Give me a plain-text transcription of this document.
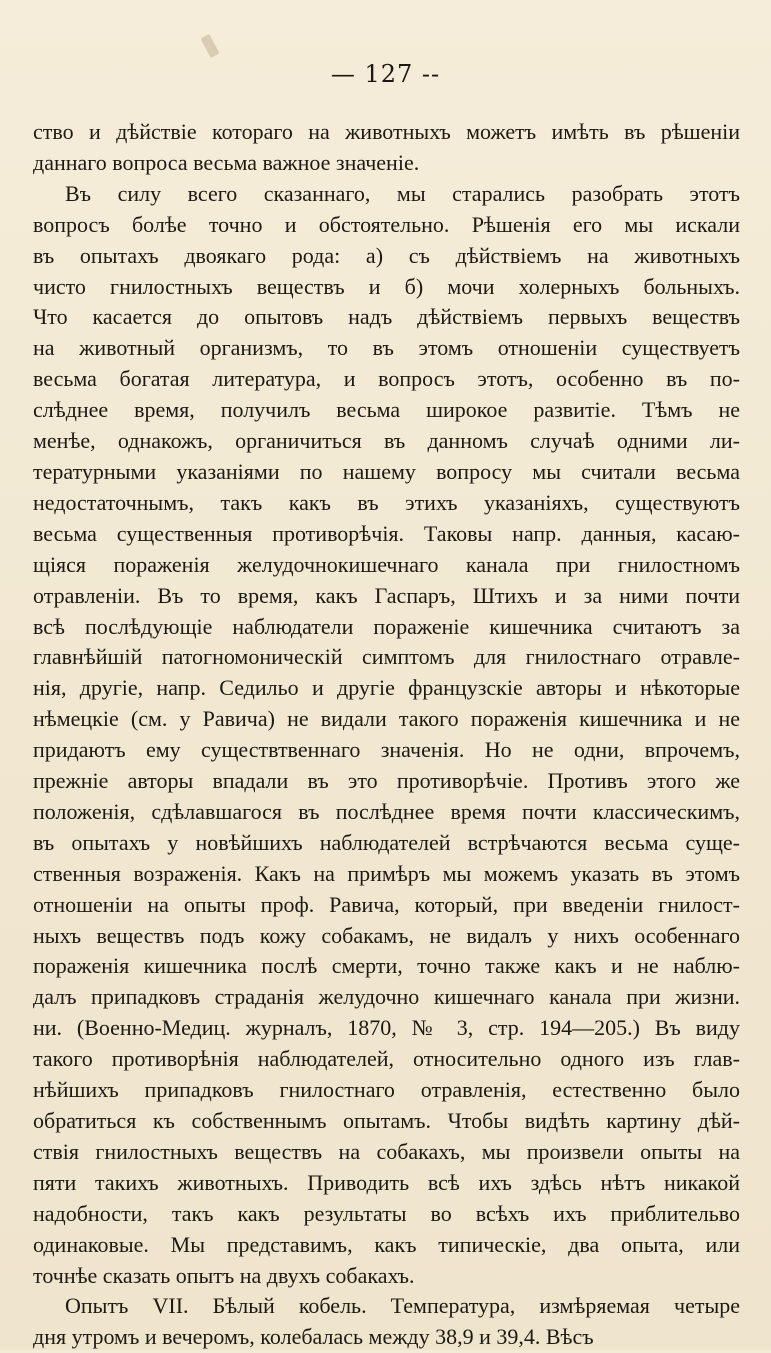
— 127 --
ство и дѣйствіе котораго на животныхъ можетъ имѣть въ рѣшеніи
даннаго вопроса весьма важное значеніе.
Въ силу всего сказаннаго, мы старались разобрать этотъ
вопросъ болѣе точно и обстоятельно. Рѣшенія его мы искали
въ опытахъ двоякаго рода: а) съ дѣйствіемъ на животныхъ
чисто гнилостныхъ веществъ и б) мочи холерныхъ больныхъ.
Что касается до опытовъ надъ дѣйствіемъ первыхъ веществъ
на животный организмъ, то въ этомъ отношеніи существуетъ
весьма богатая литература, и вопросъ этотъ, особенно въ по-
слѣднее время, получилъ весьма широкое развитіе. Тѣмъ не
менѣе, однакожъ, органичиться въ данномъ случаѣ одними ли-
тературными указаніями по нашему вопросу мы считали весьма
недостаточнымъ, такъ какъ въ этихъ указаніяхъ, существуютъ
весьма существенныя противорѣчія. Таковы напр. данныя, касаю-
щіяся пораженія желудочнокишечнаго канала при гнилостномъ
отравленіи. Въ то время, какъ Гаспаръ, Штихъ и за ними почти
всѣ послѣдующіе наблюдатели пораженіе кишечника считаютъ за
главнѣйшій патогномоническій симптомъ для гнилостнаго отравле-
нія, другіе, напр. Седильо и другіе французскіе авторы и нѣкоторые
нѣмецкіе (см. у Равича) не видали такого пораженія кишечника и не
придаютъ ему существтвеннаго значенія. Но не одни, впрочемъ,
прежніе авторы впадали въ это противорѣчіе. Противъ этого же
положенія, сдѣлавшагося въ послѣднее время почти классическимъ,
въ опытахъ у новѣйшихъ наблюдателей встрѣчаются весьма суще-
ственныя возраженія. Какъ на примѣръ мы можемъ указать въ этомъ
отношеніи на опыты проф. Равича, который, при введеніи гнилост-
ныхъ веществъ подъ кожу собакамъ, не видалъ у нихъ особеннаго
пораженія кишечника послѣ смерти, точно также какъ и не наблю-
далъ припадковъ страданія желудочно кишечнаго канала при жизни.
ни. (Военно-Медиц. журналъ, 1870, № 3, стр. 194—205.) Въ виду
такого противорѣнія наблюдателей, относительно одного изъ глав-
нѣйшихъ припадковъ гнилостнаго отравленія, естественно было
обратиться къ собственнымъ опытамъ. Чтобы видѣть картину дѣй-
ствія гнилостныхъ веществъ на собакахъ, мы произвели опыты на
пяти такихъ животныхъ. Приводить всѣ ихъ здѣсь нѣтъ никакой
надобности, такъ какъ результаты во всѣхъ ихъ приблительво
одинаковые. Мы представимъ, какъ типическіе, два опыта, или
точнѣе сказать опытъ на двухъ собакахъ.
Опытъ VII. Бѣлый кобель. Температура, измѣряемая четыре
дня утромъ и вечеромъ, колебалась между 38,9 и 39,4. Вѣсъ
